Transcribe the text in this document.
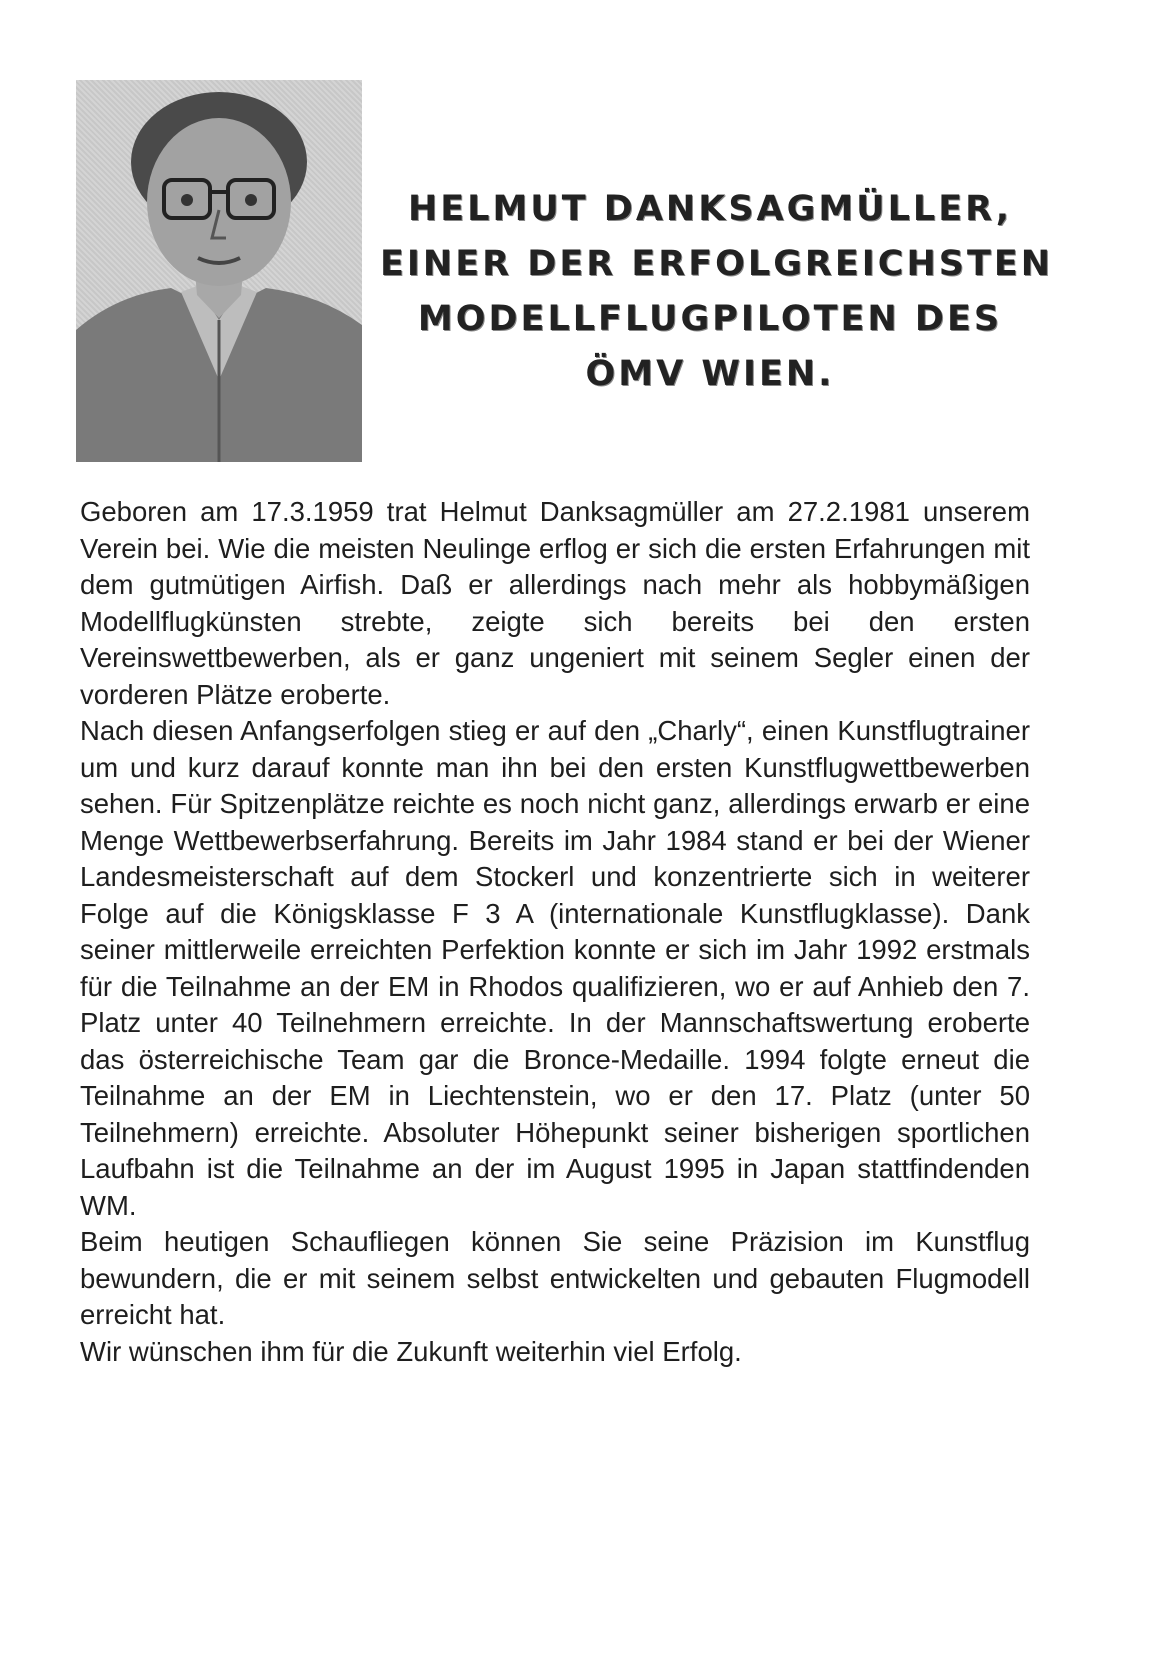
HELMUT DANKSAGMÜLLER,
EINER DER ERFOLGREICHSTEN
MODELLFLUGPILOTEN DES
ÖMV WIEN.

Geboren am 17.3.1959 trat Helmut Danksagmüller am 27.2.1981 unserem Verein bei. Wie die meisten Neulinge erflog er sich die ersten Erfahrungen mit dem gutmütigen Airfish. Daß er allerdings nach mehr als hobbymäßigen Modellflugkünsten strebte, zeigte sich bereits bei den ersten Vereinswettbewerben, als er ganz ungeniert mit seinem Segler einen der vorderen Plätze eroberte.

Nach diesen Anfangserfolgen stieg er auf den „Charly“, einen Kunstflugtrainer um und kurz darauf konnte man ihn bei den ersten Kunstflugwettbewerben sehen. Für Spitzenplätze reichte es noch nicht ganz, allerdings erwarb er eine Menge Wettbewerbserfahrung. Bereits im Jahr 1984 stand er bei der Wiener Landesmeisterschaft auf dem Stockerl und konzentrierte sich in weiterer Folge auf die Königsklasse F 3 A (internationale Kunstflugklasse). Dank seiner mittlerweile erreichten Perfektion konnte er sich im Jahr 1992 erstmals für die Teilnahme an der EM in Rhodos qualifizieren, wo er auf Anhieb den 7. Platz unter 40 Teilnehmern erreichte. In der Mannschaftswertung eroberte das österreichische Team gar die Bronce-Medaille. 1994 folgte erneut die Teilnahme an der EM in Liechtenstein, wo er den 17. Platz (unter 50 Teilnehmern) erreichte. Absoluter Höhepunkt seiner bisherigen sportlichen Laufbahn ist die Teilnahme an der im August 1995 in Japan stattfindenden WM.

Beim heutigen Schaufliegen können Sie seine Präzision im Kunstflug bewundern, die er mit seinem selbst entwickelten und gebauten Flugmodell erreicht hat.

Wir wünschen ihm für die Zukunft weiterhin viel Erfolg.
